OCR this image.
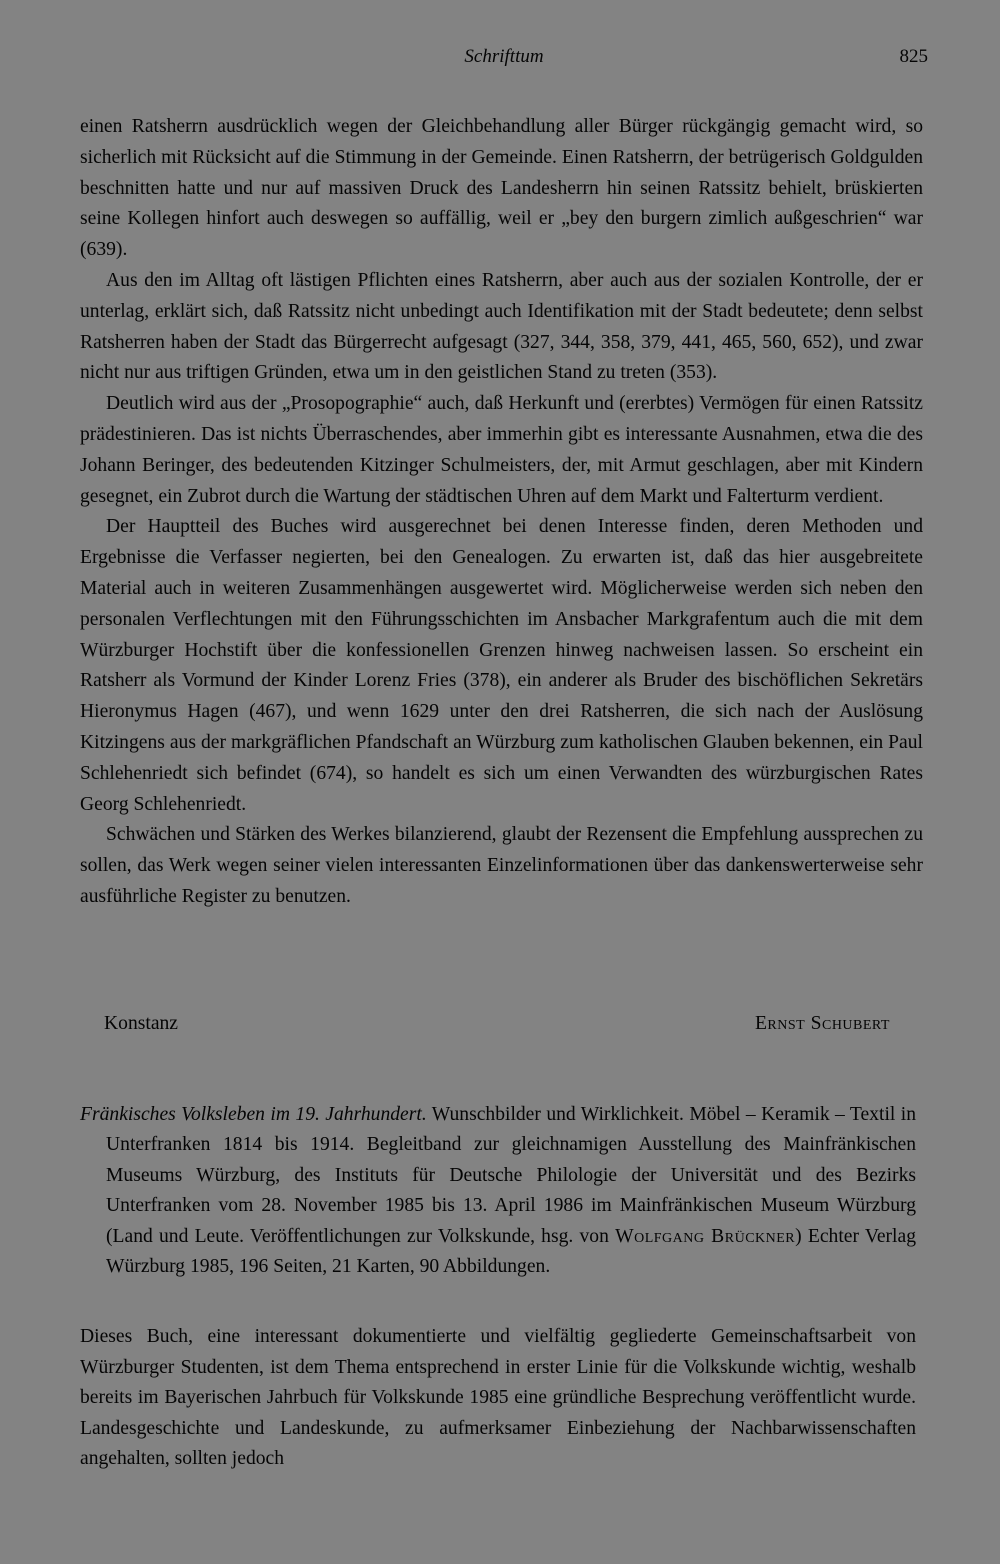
Schrifttum	825

einen Ratsherrn ausdrücklich wegen der Gleichbehandlung aller Bürger rückgängig gemacht wird, so sicherlich mit Rücksicht auf die Stimmung in der Gemeinde. Einen Ratsherrn, der betrügerisch Goldgulden beschnitten hatte und nur auf massiven Druck des Landesherrn hin seinen Ratssitz behielt, brüskierten seine Kollegen hinfort auch deswegen so auffällig, weil er „bey den burgern zimlich außgeschrien“ war (639).

Aus den im Alltag oft lästigen Pflichten eines Ratsherrn, aber auch aus der sozialen Kontrolle, der er unterlag, erklärt sich, daß Ratssitz nicht unbedingt auch Identifikation mit der Stadt bedeutete; denn selbst Ratsherren haben der Stadt das Bürgerrecht aufgesagt (327, 344, 358, 379, 441, 465, 560, 652), und zwar nicht nur aus triftigen Gründen, etwa um in den geistlichen Stand zu treten (353).

Deutlich wird aus der „Prosopographie“ auch, daß Herkunft und (ererbtes) Vermögen für einen Ratssitz prädestinieren. Das ist nichts Überraschendes, aber immerhin gibt es interessante Ausnahmen, etwa die des Johann Beringer, des bedeutenden Kitzinger Schulmeisters, der, mit Armut geschlagen, aber mit Kindern gesegnet, ein Zubrot durch die Wartung der städtischen Uhren auf dem Markt und Falterturm verdient.

Der Hauptteil des Buches wird ausgerechnet bei denen Interesse finden, deren Methoden und Ergebnisse die Verfasser negierten, bei den Genealogen. Zu erwarten ist, daß das hier ausgebreitete Material auch in weiteren Zusammenhängen ausgewertet wird. Möglicherweise werden sich neben den personalen Verflechtungen mit den Führungsschichten im Ansbacher Markgrafentum auch die mit dem Würzburger Hochstift über die konfessionellen Grenzen hinweg nachweisen lassen. So erscheint ein Ratsherr als Vormund der Kinder Lorenz Fries (378), ein anderer als Bruder des bischöflichen Sekretärs Hieronymus Hagen (467), und wenn 1629 unter den drei Ratsherren, die sich nach der Auslösung Kitzingens aus der markgräflichen Pfandschaft an Würzburg zum katholischen Glauben bekennen, ein Paul Schlehenriedt sich befindet (674), so handelt es sich um einen Verwandten des würzburgischen Rates Georg Schlehenriedt.

Schwächen und Stärken des Werkes bilanzierend, glaubt der Rezensent die Empfehlung aussprechen zu sollen, das Werk wegen seiner vielen interessanten Einzelinformationen über das dankenswerterweise sehr ausführliche Register zu benutzen.

Konstanz	Ernst Schubert
Fränkisches Volksleben im 19. Jahrhundert. Wunschbilder und Wirklichkeit. Möbel – Keramik – Textil in Unterfranken 1814 bis 1914. Begleitband zur gleichnamigen Ausstellung des Mainfränkischen Museums Würzburg, des Instituts für Deutsche Philologie der Universität und des Bezirks Unterfranken vom 28. November 1985 bis 13. April 1986 im Mainfränkischen Museum Würzburg (Land und Leute. Veröffentlichungen zur Volkskunde, hsg. von Wolfgang Brückner) Echter Verlag Würzburg 1985, 196 Seiten, 21 Karten, 90 Abbildungen.

Dieses Buch, eine interessant dokumentierte und vielfältig gegliederte Gemeinschaftsarbeit von Würzburger Studenten, ist dem Thema entsprechend in erster Linie für die Volkskunde wichtig, weshalb bereits im Bayerischen Jahrbuch für Volkskunde 1985 eine gründliche Besprechung veröffentlicht wurde. Landesgeschichte und Landeskunde, zu aufmerksamer Einbeziehung der Nachbarwissenschaften angehalten, sollten jedoch
